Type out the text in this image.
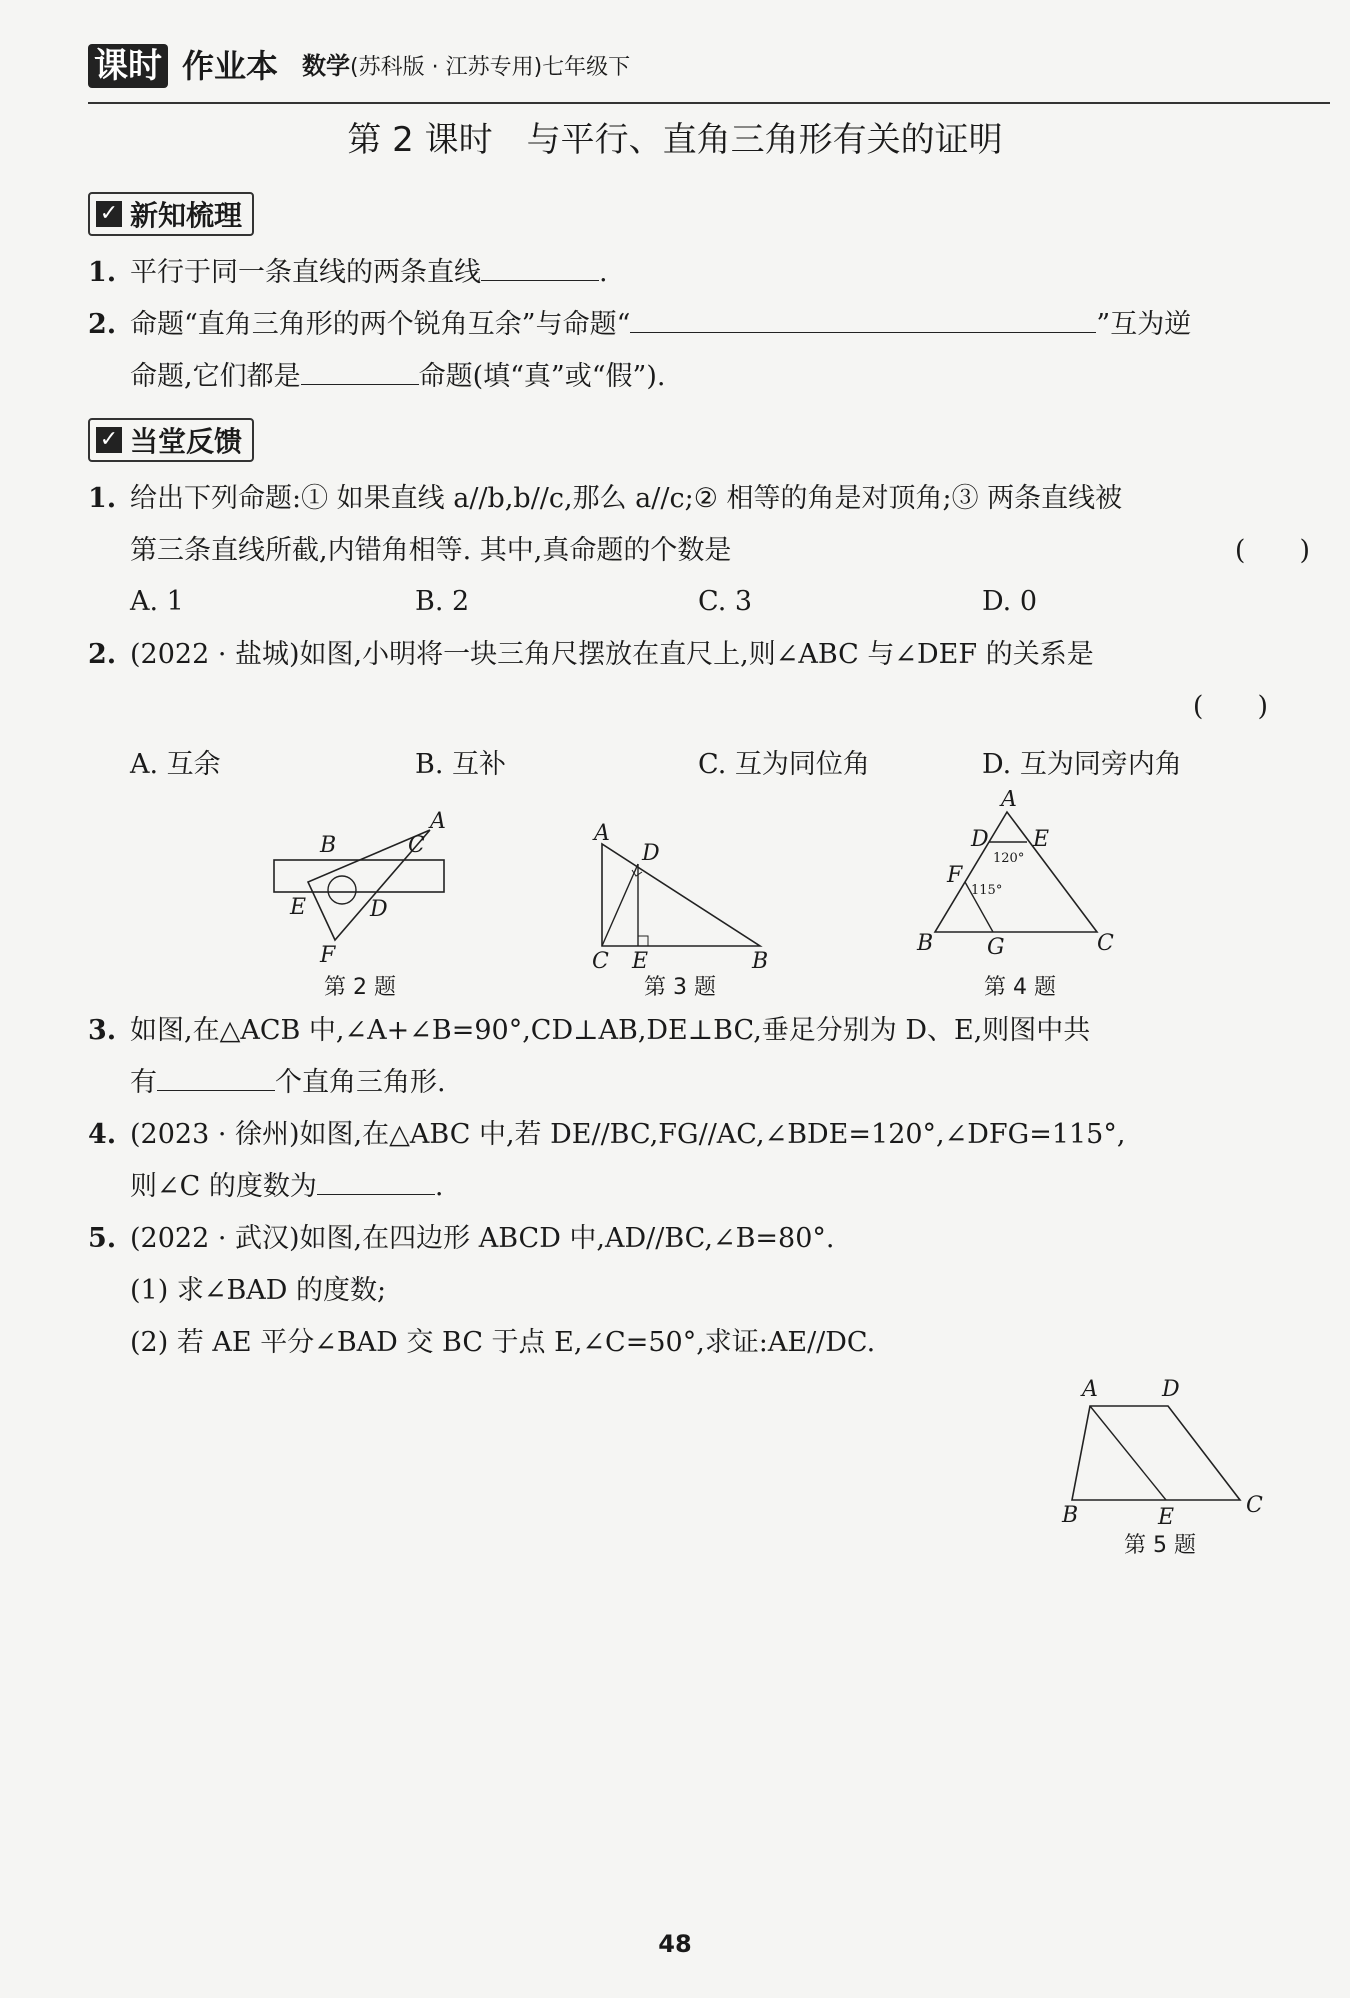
课时 作业本 数学(苏科版 · 江苏专用)七年级下
第 2 课时　与平行、直角三角形有关的证明
✓ 新知梳理
1. 平行于同一条直线的两条直线	.
2. 命题“直角三角形的两个锐角互余”与命题“	”互为逆
命题,它们都是	命题(填“真”或“假”).
✓ 当堂反馈
1. 给出下列命题:① 如果直线 a//b,b//c,那么 a//c;② 相等的角是对顶角;③ 两条直线被
第三条直线所截,内错角相等. 其中,真命题的个数是	(　　)
A. 1	B. 2	C. 3	D. 0
2. (2022 · 盐城)如图,小明将一块三角尺摆放在直尺上,则∠ABC 与∠DEF 的关系是
(　　)
A. 互余	B. 互补	C. 互为同位角	D. 互为同旁内角
A
B	C
D
E
F
第 2 题
A
D
C E	B
第 3 题
A
D E
F
B G	C
120°
115°
第 4 题
3. 如图,在△ACB 中,∠A+∠B=90°,CD⊥AB,DE⊥BC,垂足分别为 D、E,则图中共
有	个直角三角形.
4. (2023 · 徐州)如图,在△ABC 中,若 DE//BC,FG//AC,∠BDE=120°,∠DFG=115°,
则∠C 的度数为	.
5. (2022 · 武汉)如图,在四边形 ABCD 中,AD//BC,∠B=80°.
(1) 求∠BAD 的度数;
(2) 若 AE 平分∠BAD 交 BC 于点 E,∠C=50°,求证:AE//DC.
A	D
B	E	C
第 5 题
48
